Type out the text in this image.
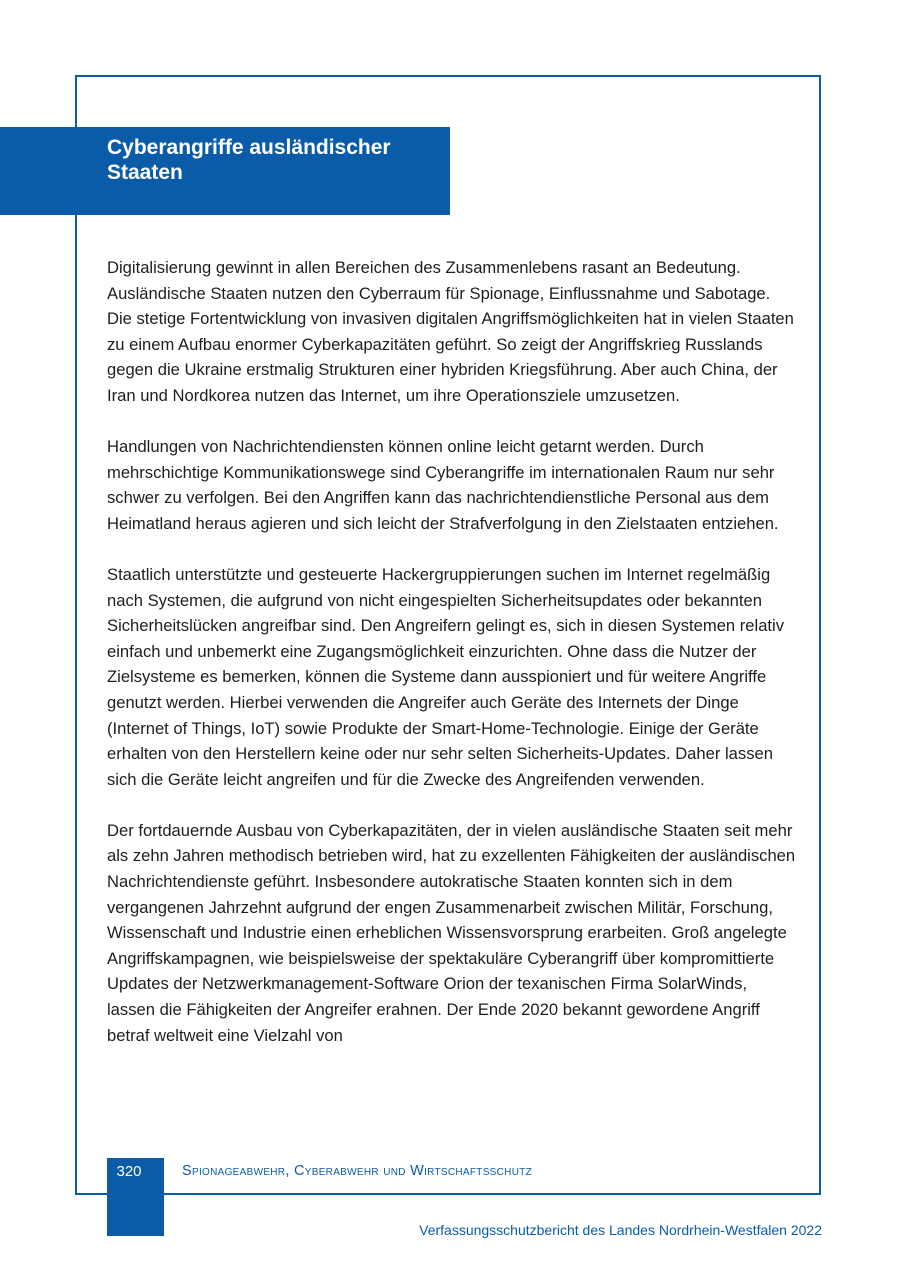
Cyberangriffe ausländischer Staaten

Digitalisierung gewinnt in allen Bereichen des Zusammenlebens rasant an Bedeutung. Ausländische Staaten nutzen den Cyberraum für Spionage, Einflussnahme und Sabotage. Die stetige Fortentwicklung von invasiven digitalen Angriffsmöglichkeiten hat in vielen Staaten zu einem Aufbau enormer Cyberkapazitäten geführt. So zeigt der Angriffskrieg Russlands gegen die Ukraine erstmalig Strukturen einer hybriden Kriegsführung. Aber auch China, der Iran und Nordkorea nutzen das Internet, um ihre Operationsziele umzusetzen.

Handlungen von Nachrichtendiensten können online leicht getarnt werden. Durch mehrschichtige Kommunikationswege sind Cyberangriffe im internationalen Raum nur sehr schwer zu verfolgen. Bei den Angriffen kann das nachrichtendienstliche Personal aus dem Heimatland heraus agieren und sich leicht der Strafverfolgung in den Zielstaaten entziehen.

Staatlich unterstützte und gesteuerte Hackergruppierungen suchen im Internet regelmäßig nach Systemen, die aufgrund von nicht eingespielten Sicherheitsupdates oder bekannten Sicherheitslücken angreifbar sind. Den Angreifern gelingt es, sich in diesen Systemen relativ einfach und unbemerkt eine Zugangsmöglichkeit einzurichten. Ohne dass die Nutzer der Zielsysteme es bemerken, können die Systeme dann ausspioniert und für weitere Angriffe genutzt werden. Hierbei verwenden die Angreifer auch Geräte des Internets der Dinge (Internet of Things, IoT) sowie Produkte der Smart-Home-Technologie. Einige der Geräte erhalten von den Herstellern keine oder nur sehr selten Sicherheits-Updates. Daher lassen sich die Geräte leicht angreifen und für die Zwecke des Angreifenden verwenden.

Der fortdauernde Ausbau von Cyberkapazitäten, der in vielen ausländische Staaten seit mehr als zehn Jahren methodisch betrieben wird, hat zu exzellenten Fähigkeiten der ausländischen Nachrichtendienste geführt. Insbesondere autokratische Staaten konnten sich in dem vergangenen Jahrzehnt aufgrund der engen Zusammenarbeit zwischen Militär, Forschung, Wissenschaft und Industrie einen erheblichen Wissensvorsprung erarbeiten. Groß angelegte Angriffskampagnen, wie beispielsweise der spektakuläre Cyberangriff über kompromittierte Updates der Netzwerkmanagement-Software Orion der texanischen Firma SolarWinds, lassen die Fähigkeiten der Angreifer erahnen. Der Ende 2020 bekannt gewordene Angriff betraf weltweit eine Vielzahl von

320	Spionageabwehr, Cyberabwehr und Wirtschaftsschutz
Verfassungsschutzbericht des Landes Nordrhein-Westfalen 2022
